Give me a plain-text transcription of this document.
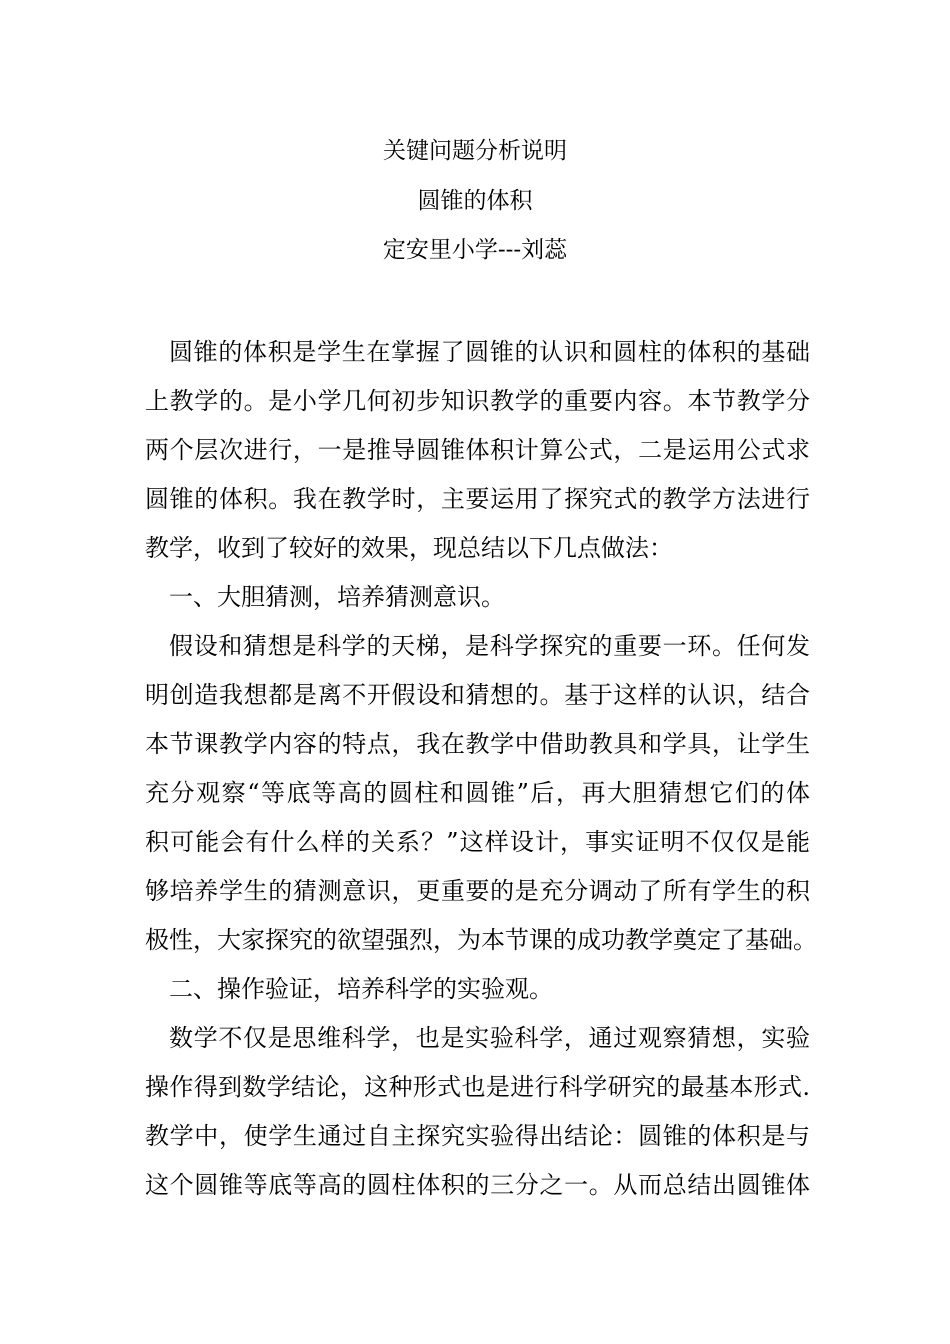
关键问题分析说明
圆锥的体积
定安里小学---刘蕊
圆锥的体积是学生在掌握了圆锥的认识和圆柱的体积的基础
上教学的。是小学几何初步知识教学的重要内容。本节教学分
两个层次进行，一是推导圆锥体积计算公式，二是运用公式求
圆锥的体积。我在教学时，主要运用了探究式的教学方法进行
教学，收到了较好的效果，现总结以下几点做法：
一、大胆猜测，培养猜测意识。
假设和猜想是科学的天梯，是科学探究的重要一环。任何发
明创造我想都是离不开假设和猜想的。基于这样的认识，结合
本节课教学内容的特点，我在教学中借助教具和学具，让学生
充分观察“等底等高的圆柱和圆锥”后，再大胆猜想它们的体
积可能会有什么样的关系？”这样设计，事实证明不仅仅是能
够培养学生的猜测意识，更重要的是充分调动了所有学生的积
极性，大家探究的欲望强烈，为本节课的成功教学奠定了基础。
二、操作验证，培养科学的实验观。
数学不仅是思维科学，也是实验科学，通过观察猜想，实验
操作得到数学结论，这种形式也是进行科学研究的最基本形式.
教学中，使学生通过自主探究实验得出结论：圆锥的体积是与
这个圆锥等底等高的圆柱体积的三分之一。从而总结出圆锥体
